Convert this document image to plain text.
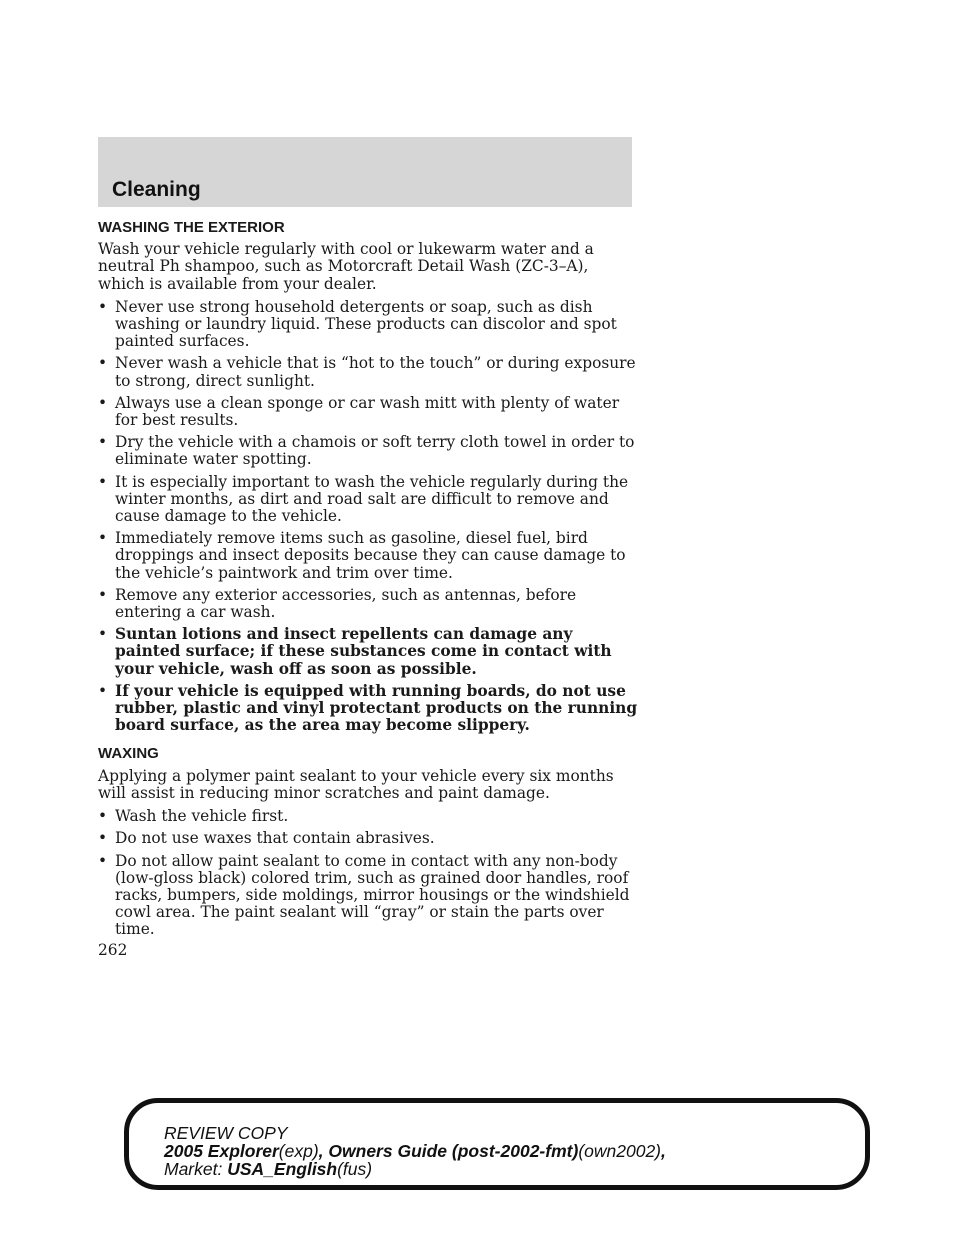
Cleaning
WASHING THE EXTERIOR

Wash your vehicle regularly with cool or lukewarm water and a neutral Ph shampoo, such as Motorcraft Detail Wash (ZC-3–A), which is available from your dealer.

• Never use strong household detergents or soap, such as dish washing or laundry liquid. These products can discolor and spot painted surfaces.
• Never wash a vehicle that is “hot to the touch” or during exposure to strong, direct sunlight.
• Always use a clean sponge or car wash mitt with plenty of water for best results.
• Dry the vehicle with a chamois or soft terry cloth towel in order to eliminate water spotting.
• It is especially important to wash the vehicle regularly during the winter months, as dirt and road salt are difficult to remove and cause damage to the vehicle.
• Immediately remove items such as gasoline, diesel fuel, bird droppings and insect deposits because they can cause damage to the vehicle’s paintwork and trim over time.
• Remove any exterior accessories, such as antennas, before entering a car wash.
• Suntan lotions and insect repellents can damage any painted surface; if these substances come in contact with your vehicle, wash off as soon as possible.
• If your vehicle is equipped with running boards, do not use rubber, plastic and vinyl protectant products on the running board surface, as the area may become slippery.
WAXING

Applying a polymer paint sealant to your vehicle every six months will assist in reducing minor scratches and paint damage.

• Wash the vehicle first.
• Do not use waxes that contain abrasives.
• Do not allow paint sealant to come in contact with any non-body (low-gloss black) colored trim, such as grained door handles, roof racks, bumpers, side moldings, mirror housings or the windshield cowl area. The paint sealant will “gray” or stain the parts over time.
262
REVIEW COPY
2005 Explorer(exp), Owners Guide (post-2002-fmt)(own2002),
Market: USA_English(fus)
